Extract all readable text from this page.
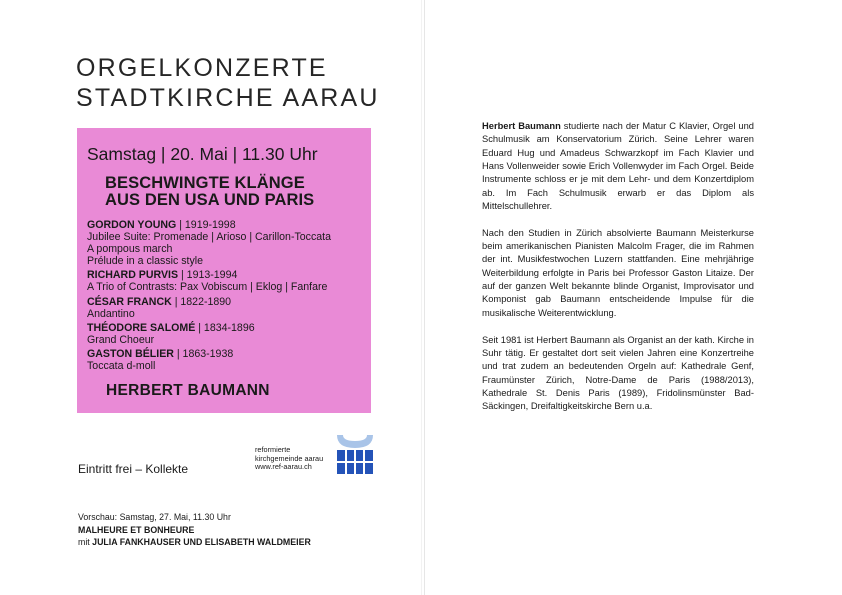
ORGELKONZERTE
STADTKIRCHE AARAU
Samstag | 20. Mai | 11.30 Uhr
BESCHWINGTE KLÄNGE
AUS DEN USA UND PARIS
GORDON YOUNG | 1919-1998
Jubilee Suite: Promenade | Arioso | Carillon-Toccata
A pompous march
Prélude in a classic style
RICHARD PURVIS | 1913-1994
A Trio of Contrasts: Pax Vobiscum | Eklog | Fanfare
CÉSAR FRANCK | 1822-1890
Andantino
THÉODORE SALOMÉ | 1834-1896
Grand Choeur
GASTON BÉLIER | 1863-1938
Toccata d-moll
HERBERT BAUMANN
Eintritt frei – Kollekte
reformierte
kirchgemeinde aarau
www.ref-aarau.ch
Vorschau: Samstag, 27. Mai, 11.30 Uhr
MALHEURE ET BONHEURE
mit JULIA FANKHAUSER UND ELISABETH WALDMEIER

Herbert Baumann studierte nach der Matur C Klavier, Orgel und Schulmusik am Konservatorium Zürich. Seine Lehrer waren Eduard Hug und Amadeus Schwarzkopf im Fach Klavier und Hans Vollenweider sowie Erich Vollenwyder im Fach Orgel. Beide Instrumente schloss er je mit dem Lehr- und dem Konzertdiplom ab. Im Fach Schulmusik erwarb er das Diplom als Mittelschullehrer.

Nach den Studien in Zürich absolvierte Baumann Meisterkurse beim amerikanischen Pianisten Malcolm Frager, die im Rahmen der int. Musikfestwochen Luzern stattfanden. Eine mehrjährige Weiterbildung erfolgte in Paris bei Professor Gaston Litaize. Der auf der ganzen Welt bekannte blinde Organist, Improvisator und Komponist gab Baumann entscheidende Impulse für die musikalische Weiterentwicklung.

Seit 1981 ist Herbert Baumann als Organist an der kath. Kirche in Suhr tätig. Er gestaltet dort seit vielen Jahren eine Konzertreihe und trat zudem an bedeutenden Orgeln auf: Kathedrale Genf, Fraumünster Zürich, Notre-Dame de Paris (1988/2013), Kathedrale St. Denis Paris (1989), Fridolinsmünster Bad-Säckingen, Dreifaltigkeitskirche Bern u.a.
